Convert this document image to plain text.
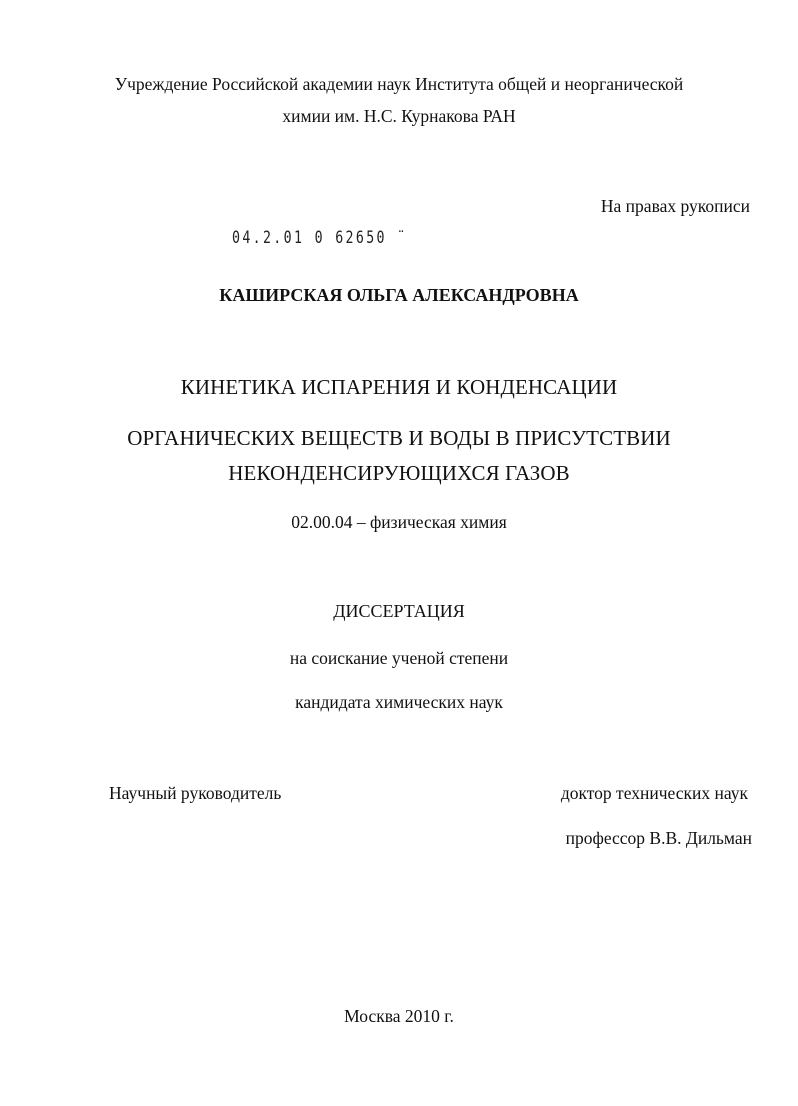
Учреждение Российской академии наук Института общей и неорганической
химии им. Н.С. Курнакова РАН
На правах рукописи
04.2.01 0 62650 ¨
КАШИРСКАЯ ОЛЬГА АЛЕКСАНДРОВНА
КИНЕТИКА ИСПАРЕНИЯ И КОНДЕНСАЦИИ
ОРГАНИЧЕСКИХ ВЕЩЕСТВ И ВОДЫ В ПРИСУТСТВИИ
НЕКОНДЕНСИРУЮЩИХСЯ ГАЗОВ
02.00.04 – физическая химия
ДИССЕРТАЦИЯ
на соискание ученой степени
кандидата химических наук
Научный руководитель	доктор технических наук
профессор В.В. Дильман
Москва 2010 г.
